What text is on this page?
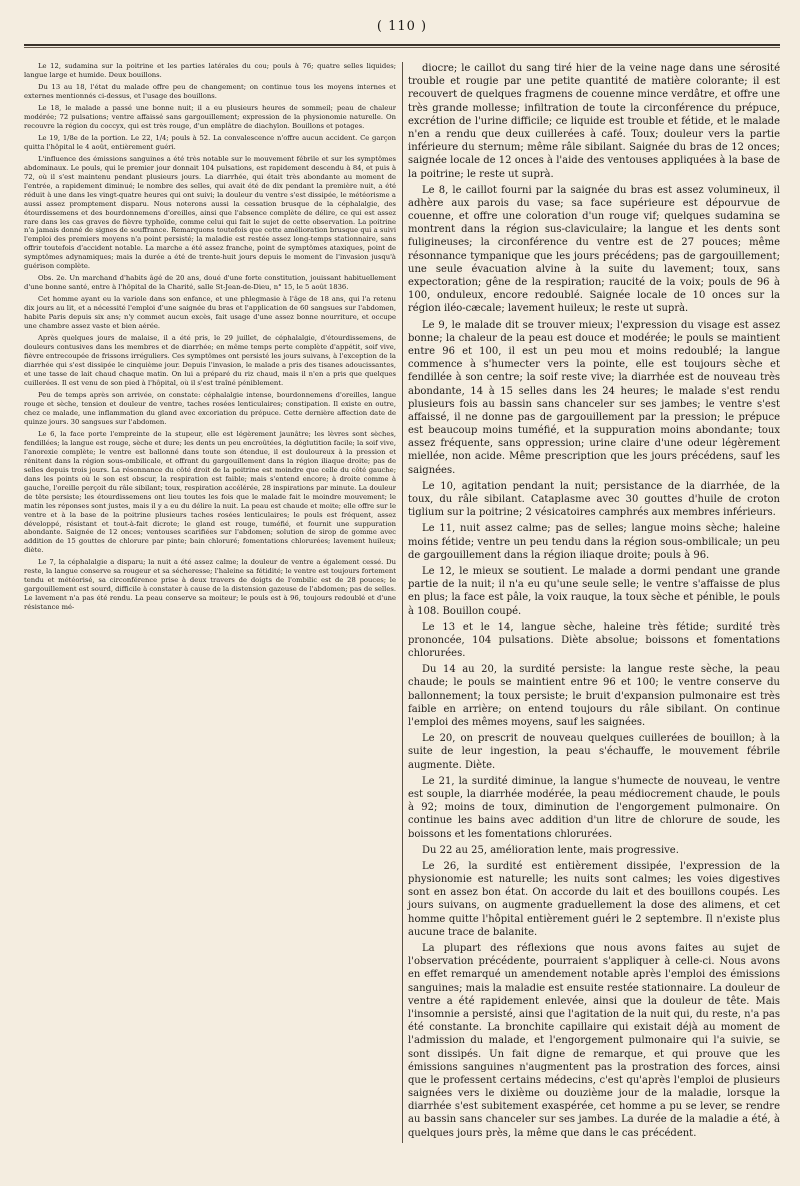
( 110 )

Le 12, sudamina sur la poitrine et les parties latérales du cou; pouls à 76; quatre selles liquides; langue large et humide. Deux bouillons.

Du 13 au 18, l'état du malade offre peu de changement; on continue tous les moyens internes et externes mentionnés ci-dessus, et l'usage des bouillons.

Le 18, le malade a passé une bonne nuit; il a eu plusieurs heures de sommeil; peau de chaleur modérée; 72 pulsations; ventre affaissé sans gargouillement; expression de la physionomie naturelle. On recouvre la région du coccyx, qui est très rouge, d'un emplâtre de diachylon. Bouillons et potages.

Le 19, 1/8e de la portion. Le 22, 1/4; pouls à 52. La convalescence n'offre aucun accident. Ce garçon quitta l'hôpital le 4 août, entièrement guéri.

L'influence des émissions sanguines a été très notable sur le mouvement fébrile et sur les symptômes abdominaux. Le pouls, qui le premier jour donnait 104 pulsations, est rapidement descendu à 84, et puis à 72, où il s'est maintenu pendant plusieurs jours. La diarrhée, qui était très abondante au moment de l'entrée, a rapidement diminué; le nombre des selles, qui avait été de dix pendant la première nuit, a été réduit à une dans les vingt-quatre heures qui ont suivi; la douleur du ventre s'est dissipée, le météorisme a aussi assez promptement disparu. Nous noterons aussi la cessation brusque de la céphalalgie, des étourdissemens et des bourdonnemens d'oreilles, ainsi que l'absence complète de délire, ce qui est assez rare dans les cas graves de fièvre typhoïde, comme celui qui fait le sujet de cette observation. La poitrine n'a jamais donné de signes de souffrance. Remarquons toutefois que cette amélioration brusque qui a suivi l'emploi des premiers moyens n'a point persisté; la maladie est restée assez long-temps stationnaire, sans offrir toutefois d'accident notable. La marche a été assez franche, point de symptômes ataxiques, point de symptômes adynamiques; mais la durée a été de trente-huit jours depuis le moment de l'invasion jusqu'à guérison complète.

Obs. 2e. Un marchand d'habits âgé de 20 ans, doué d'une forte constitution, jouissant habituellement d'une bonne santé, entre à l'hôpital de la Charité, salle St-Jean-de-Dieu, n° 15, le 5 août 1836.

Cet homme ayant eu la variole dans son enfance, et une phlegmasie à l'âge de 18 ans, qui l'a retenu dix jours au lit, et a nécessité l'emploi d'une saignée du bras et l'application de 60 sangsues sur l'abdomen, habite Paris depuis six ans; n'y commet aucun excès, fait usage d'une assez bonne nourriture, et occupe une chambre assez vaste et bien aérée.

Après quelques jours de malaise, il a été pris, le 29 juillet, de céphalalgie, d'étourdissemens, de douleurs contusives dans les membres et de diarrhée; en même temps perte complète d'appétit, soif vive, fièvre entrecoupée de frissons irréguliers. Ces symptômes ont persisté les jours suivans, à l'exception de la diarrhée qui s'est dissipée le cinquième jour. Depuis l'invasion, le malade a pris des tisanes adoucissantes, et une tasse de lait chaud chaque matin. On lui a préparé du riz chaud, mais il n'en a pris que quelques cuillerées. Il est venu de son pied à l'hôpital, où il s'est traîné péniblement.

Peu de temps après son arrivée, on constate: céphalalgie intense, bourdonnemens d'oreilles, langue rouge et sèche, tension et douleur de ventre, taches rosées lenticulaires; constipation. Il existe en outre, chez ce malade, une inflammation du gland avec excoriation du prépuce. Cette dernière affection date de quinze jours. 30 sangsues sur l'abdomen.

Le 6, la face porte l'empreinte de la stupeur, elle est légèrement jaunâtre; les lèvres sont sèches, fendillées; la langue est rouge, sèche et dure; les dents un peu encroûtées, la déglutition facile; la soif vive, l'anorexie complète; le ventre est ballonné dans toute son étendue, il est douloureux à la pression et rénitent dans la région sous-ombilicale, et offrant du gargouillement dans la région iliaque droite; pas de selles depuis trois jours. La résonnance du côté droit de la poitrine est moindre que celle du côté gauche; dans les points où le son est obscur, la respiration est faible; mais s'entend encore; à droite comme à gauche, l'oreille perçoit du râle sibilant; toux, respiration accélérée, 28 inspirations par minute. La douleur de tête persiste; les étourdissemens ont lieu toutes les fois que le malade fait le moindre mouvement; le matin les réponses sont justes, mais il y a eu du délire la nuit. La peau est chaude et moite; elle offre sur le ventre et à la base de la poitrine plusieurs taches rosées lenticulaires; le pouls est fréquent, assez développé, résistant et tout-à-fait dicrote; le gland est rouge, tuméfié, et fournit une suppuration abondante. Saignée de 12 onces; ventouses scarifiées sur l'abdomen; solution de sirop de gomme avec addition de 15 gouttes de chlorure par pinte; bain chloruré; fomentations chlorurées; lavement huileux; diète.

Le 7, la céphalalgie a disparu; la nuit a été assez calme; la douleur de ventre a également cessé. Du reste, la langue conserve sa rougeur et sa sécheresse; l'haleine sa fétidité; le ventre est toujours fortement tendu et météorisé, sa circonférence prise à deux travers de doigts de l'ombilic est de 28 pouces; le gargouillement est sourd, difficile à constater à cause de la distension gazeuse de l'abdomen; pas de selles. Le lavement n'a pas été rendu. La peau conserve sa moiteur; le pouls est à 96, toujours redoublé et d'une résistance mé-

diocre; le caillot du sang tiré hier de la veine nage dans une sérosité trouble et rougie par une petite quantité de matière colorante; il est recouvert de quelques fragmens de couenne mince verdâtre, et offre une très grande mollesse; infiltration de toute la circonférence du prépuce, excrétion de l'urine difficile; ce liquide est trouble et fétide, et le malade n'en a rendu que deux cuillerées à café. Toux; douleur vers la partie inférieure du sternum; même râle sibilant. Saignée du bras de 12 onces; saignée locale de 12 onces à l'aide des ventouses appliquées à la base de la poitrine; le reste ut suprà.

Le 8, le caillot fourni par la saignée du bras est assez volumineux, il adhère aux parois du vase; sa face supérieure est dépourvue de couenne, et offre une coloration d'un rouge vif; quelques sudamina se montrent dans la région sus-claviculaire; la langue et les dents sont fuligineuses; la circonférence du ventre est de 27 pouces; même résonnance tympanique que les jours précédens; pas de gargouillement; une seule évacuation alvine à la suite du lavement; toux, sans expectoration; gêne de la respiration; raucité de la voix; pouls de 96 à 100, onduleux, encore redoublé. Saignée locale de 10 onces sur la région iléo-cæcale; lavement huileux; le reste ut suprà.

Le 9, le malade dit se trouver mieux; l'expression du visage est assez bonne; la chaleur de la peau est douce et modérée; le pouls se maintient entre 96 et 100, il est un peu mou et moins redoublé; la langue commence à s'humecter vers la pointe, elle est toujours sèche et fendillée à son centre; la soif reste vive; la diarrhée est de nouveau très abondante, 14 à 15 selles dans les 24 heures; le malade s'est rendu plusieurs fois au bassin sans chanceler sur ses jambes; le ventre s'est affaissé, il ne donne pas de gargouillement par la pression; le prépuce est beaucoup moins tuméfié, et la suppuration moins abondante; toux assez fréquente, sans oppression; urine claire d'une odeur légèrement miellée, non acide. Même prescription que les jours précédens, sauf les saignées.

Le 10, agitation pendant la nuit; persistance de la diarrhée, de la toux, du râle sibilant. Cataplasme avec 30 gouttes d'huile de croton tiglium sur la poitrine; 2 vésicatoires camphrés aux membres inférieurs.

Le 11, nuit assez calme; pas de selles; langue moins sèche; haleine moins fétide; ventre un peu tendu dans la région sous-ombilicale; un peu de gargouillement dans la région iliaque droite; pouls à 96.

Le 12, le mieux se soutient. Le malade a dormi pendant une grande partie de la nuit; il n'a eu qu'une seule selle; le ventre s'affaisse de plus en plus; la face est pâle, la voix rauque, la toux sèche et pénible, le pouls à 108. Bouillon coupé.

Le 13 et le 14, langue sèche, haleine très fétide; surdité très prononcée, 104 pulsations. Diète absolue; boissons et fomentations chlorurées.

Du 14 au 20, la surdité persiste: la langue reste sèche, la peau chaude; le pouls se maintient entre 96 et 100; le ventre conserve du ballonnement; la toux persiste; le bruit d'expansion pulmonaire est très faible en arrière; on entend toujours du râle sibilant. On continue l'emploi des mêmes moyens, sauf les saignées.

Le 20, on prescrit de nouveau quelques cuillerées de bouillon; à la suite de leur ingestion, la peau s'échauffe, le mouvement fébrile augmente. Diète.

Le 21, la surdité diminue, la langue s'humecte de nouveau, le ventre est souple, la diarrhée modérée, la peau médiocrement chaude, le pouls à 92; moins de toux, diminution de l'engorgement pulmonaire. On continue les bains avec addition d'un litre de chlorure de soude, les boissons et les fomentations chlorurées.

Du 22 au 25, amélioration lente, mais progressive.

Le 26, la surdité est entièrement dissipée, l'expression de la physionomie est naturelle; les nuits sont calmes; les voies digestives sont en assez bon état. On accorde du lait et des bouillons coupés. Les jours suivans, on augmente graduellement la dose des alimens, et cet homme quitte l'hôpital entièrement guéri le 2 septembre. Il n'existe plus aucune trace de balanite.

La plupart des réflexions que nous avons faites au sujet de l'observation précédente, pourraient s'appliquer à celle-ci. Nous avons en effet remarqué un amendement notable après l'emploi des émissions sanguines; mais la maladie est ensuite restée stationnaire. La douleur de ventre a été rapidement enlevée, ainsi que la douleur de tête. Mais l'insomnie a persisté, ainsi que l'agitation de la nuit qui, du reste, n'a pas été constante. La bronchite capillaire qui existait déjà au moment de l'admission du malade, et l'engorgement pulmonaire qui l'a suivie, se sont dissipés. Un fait digne de remarque, et qui prouve que les émissions sanguines n'augmentent pas la prostration des forces, ainsi que le professent certains médecins, c'est qu'après l'emploi de plusieurs saignées vers le dixième ou douzième jour de la maladie, lorsque la diarrhée s'est subitement exaspérée, cet homme a pu se lever, se rendre au bassin sans chanceler sur ses jambes. La durée de la maladie a été, à quelques jours près, la même que dans le cas précédent.
